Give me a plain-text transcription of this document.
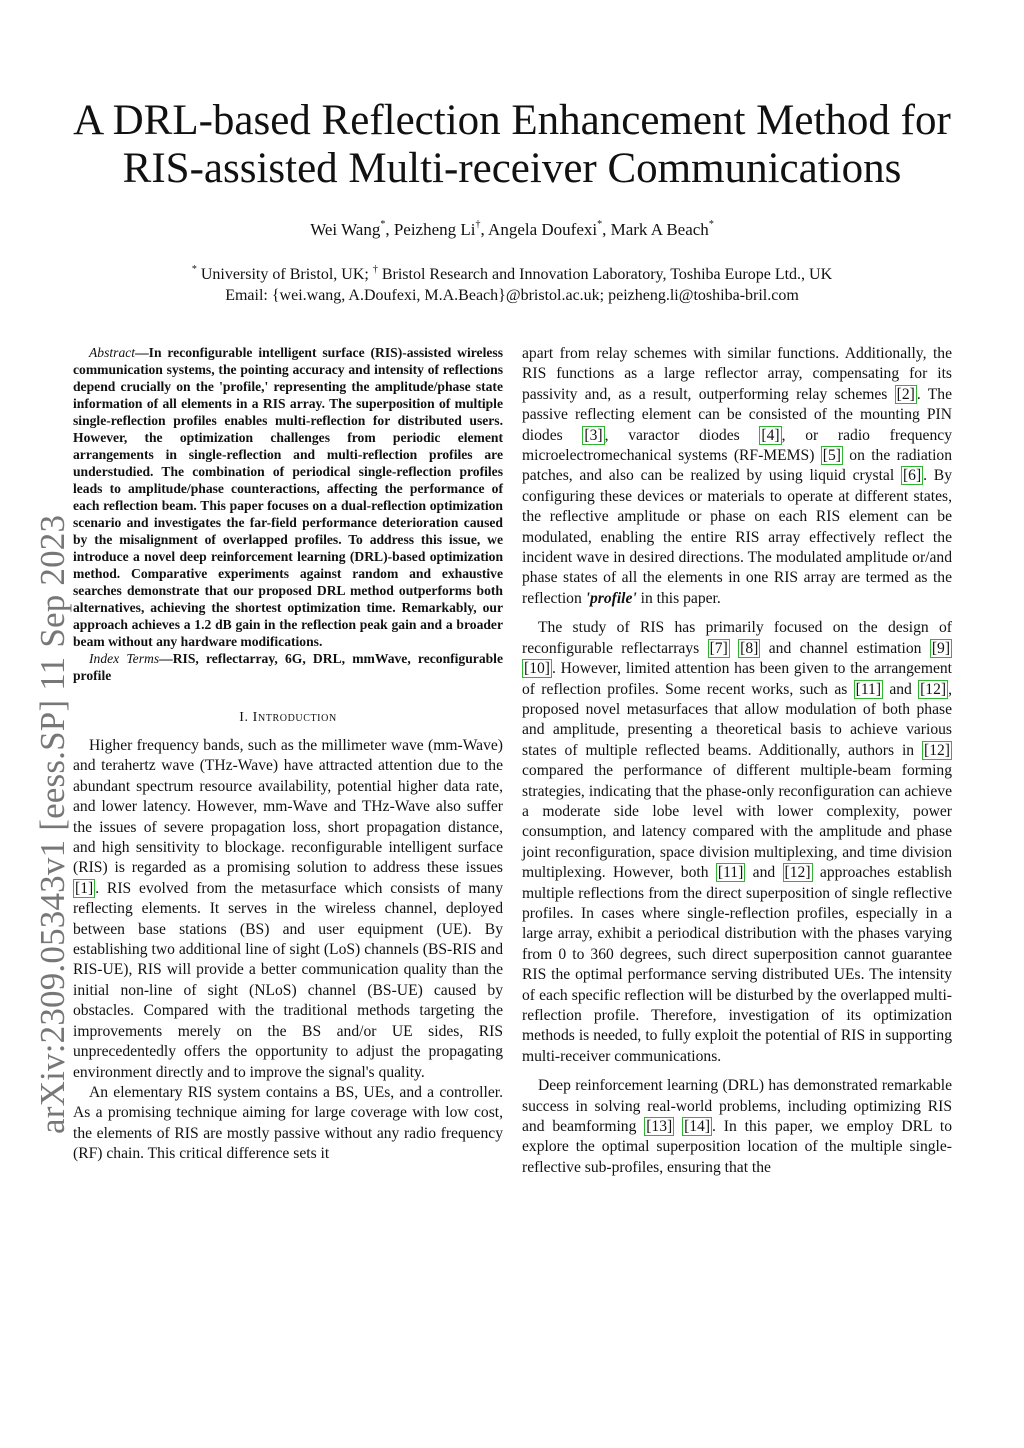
A DRL-based Reflection Enhancement Method for
RIS-assisted Multi-receiver Communications
Wei Wang*, Peizheng Li†, Angela Doufexi*, Mark A Beach*
* University of Bristol, UK; † Bristol Research and Innovation Laboratory, Toshiba Europe Ltd., UK
Email: {wei.wang, A.Doufexi, M.A.Beach}@bristol.ac.uk; peizheng.li@toshiba-bril.com
arXiv:2309.05343v1 [eess.SP] 11 Sep 2023

Abstract—In reconfigurable intelligent surface (RIS)-assisted wireless communication systems, the pointing accuracy and intensity of reflections depend crucially on the 'profile,' representing the amplitude/phase state information of all elements in a RIS array. The superposition of multiple single-reflection profiles enables multi-reflection for distributed users. However, the optimization challenges from periodic element arrangements in single-reflection and multi-reflection profiles are understudied. The combination of periodical single-reflection profiles leads to amplitude/phase counteractions, affecting the performance of each reflection beam. This paper focuses on a dual-reflection optimization scenario and investigates the far-field performance deterioration caused by the misalignment of overlapped profiles. To address this issue, we introduce a novel deep reinforcement learning (DRL)-based optimization method. Comparative experiments against random and exhaustive searches demonstrate that our proposed DRL method outperforms both alternatives, achieving the shortest optimization time. Remarkably, our approach achieves a 1.2 dB gain in the reflection peak gain and a broader beam without any hardware modifications.

Index Terms—RIS, reflectarray, 6G, DRL, mmWave, reconfigurable profile

I. Introduction

Higher frequency bands, such as the millimeter wave (mm-Wave) and terahertz wave (THz-Wave) have attracted attention due to the abundant spectrum resource availability, potential higher data rate, and lower latency. However, mm-Wave and THz-Wave also suffer the issues of severe propagation loss, short propagation distance, and high sensitivity to blockage. reconfigurable intelligent surface (RIS) is regarded as a promising solution to address these issues [1] . RIS evolved from the metasurface which consists of many reflecting elements. It serves in the wireless channel, deployed between base stations (BS) and user equipment (UE). By establishing two additional line of sight (LoS) channels (BS-RIS and RIS-UE), RIS will provide a better communication quality than the initial non-line of sight (NLoS) channel (BS-UE) caused by obstacles. Compared with the traditional methods targeting the improvements merely on the BS and/or UE sides, RIS unprecedentedly offers the opportunity to adjust the propagating environment directly and to improve the signal's quality.

An elementary RIS system contains a BS, UEs, and a controller. As a promising technique aiming for large coverage with low cost, the elements of RIS are mostly passive without any radio frequency (RF) chain. This critical difference sets it

apart from relay schemes with similar functions. Additionally, the RIS functions as a large reflector array, compensating for its passivity and, as a result, outperforming relay schemes [2] . The passive reflecting element can be consisted of the mounting PIN diodes [3] , varactor diodes [4] , or radio frequency microelectromechanical systems (RF-MEMS) [5] on the radiation patches, and also can be realized by using liquid crystal [6] . By configuring these devices or materials to operate at different states, the reflective amplitude or phase on each RIS element can be modulated, enabling the entire RIS array effectively reflect the incident wave in desired directions. The modulated amplitude or/and phase states of all the elements in one RIS array are termed as the reflection 'profile' in this paper.

The study of RIS has primarily focused on the design of reconfigurable reflectarrays [7] [8] and channel estimation [9] [10] . However, limited attention has been given to the arrangement of reflection profiles. Some recent works, such as [11] and [12] , proposed novel metasurfaces that allow modulation of both phase and amplitude, presenting a theoretical basis to achieve various states of multiple reflected beams. Additionally, authors in [12] compared the performance of different multiple-beam forming strategies, indicating that the phase-only reconfiguration can achieve a moderate side lobe level with lower complexity, power consumption, and latency compared with the amplitude and phase joint reconfiguration, space division multiplexing, and time division multiplexing. However, both [11] and [12] approaches establish multiple reflections from the direct superposition of single reflective profiles. In cases where single-reflection profiles, especially in a large array, exhibit a periodical distribution with the phases varying from 0 to 360 degrees, such direct superposition cannot guarantee RIS the optimal performance serving distributed UEs. The intensity of each specific reflection will be disturbed by the overlapped multi-reflection profile. Therefore, investigation of its optimization methods is needed, to fully exploit the potential of RIS in supporting multi-receiver communications.

Deep reinforcement learning (DRL) has demonstrated remarkable success in solving real-world problems, including optimizing RIS and beamforming [13] [14] . In this paper, we employ DRL to explore the optimal superposition location of the multiple single-reflective sub-profiles, ensuring that the
